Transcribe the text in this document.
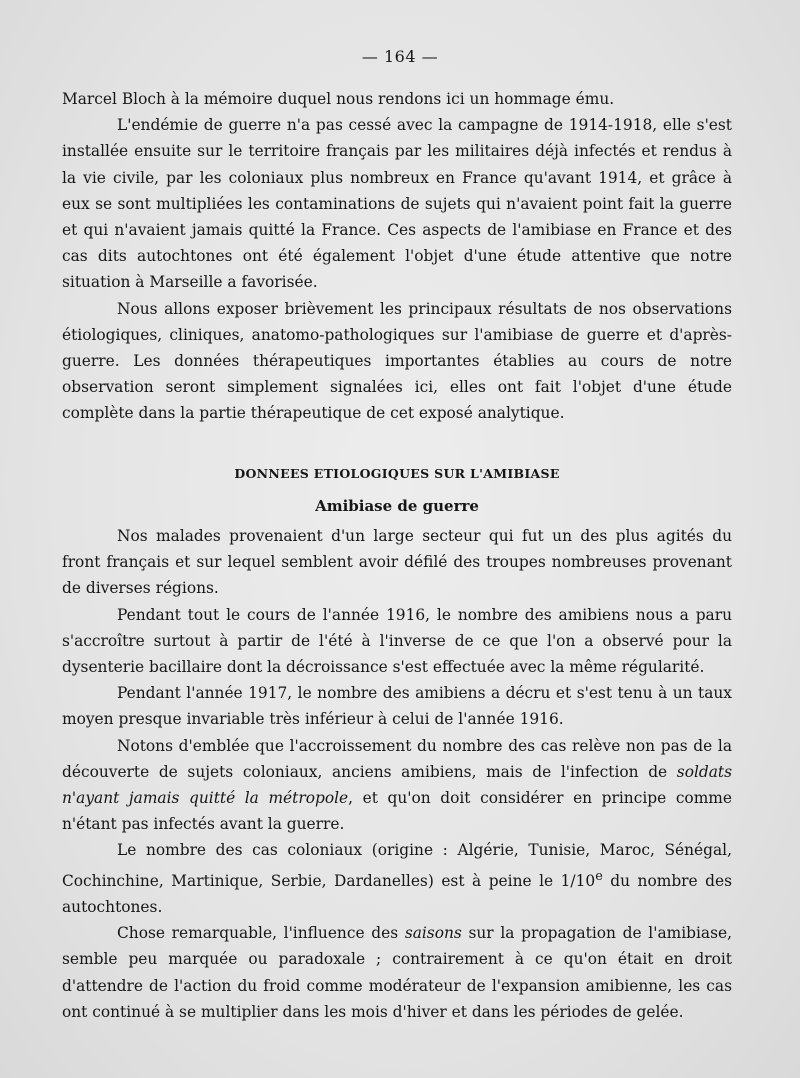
— 164 —

Marcel Bloch à la mémoire duquel nous rendons ici un hommage ému.

L'endémie de guerre n'a pas cessé avec la campagne de 1914-1918, elle s'est installée ensuite sur le territoire français par les militaires déjà infectés et rendus à la vie civile, par les coloniaux plus nombreux en France qu'avant 1914, et grâce à eux se sont multipliées les contaminations de sujets qui n'avaient point fait la guerre et qui n'avaient jamais quitté la France. Ces aspects de l'amibiase en France et des cas dits autochtones ont été également l'objet d'une étude attentive que notre situation à Marseille a favorisée.

Nous allons exposer brièvement les principaux résultats de nos observations étiologiques, cliniques, anatomo-pathologiques sur l'amibiase de guerre et d'après-guerre. Les données thérapeutiques importantes établies au cours de notre observation seront simplement signalées ici, elles ont fait l'objet d'une étude complète dans la partie thérapeutique de cet exposé analytique.

DONNEES ETIOLOGIQUES SUR L'AMIBIASE

Amibiase de guerre

Nos malades provenaient d'un large secteur qui fut un des plus agités du front français et sur lequel semblent avoir défilé des troupes nombreuses provenant de diverses régions.

Pendant tout le cours de l'année 1916, le nombre des amibiens nous a paru s'accroître surtout à partir de l'été à l'inverse de ce que l'on a observé pour la dysenterie bacillaire dont la décroissance s'est effectuée avec la même régularité.

Pendant l'année 1917, le nombre des amibiens a décru et s'est tenu à un taux moyen presque invariable très inférieur à celui de l'année 1916.

Notons d'emblée que l'accroissement du nombre des cas relève non pas de la découverte de sujets coloniaux, anciens amibiens, mais de l'infection de soldats n'ayant jamais quitté la métropole, et qu'on doit considérer en principe comme n'étant pas infectés avant la guerre.

Le nombre des cas coloniaux (origine : Algérie, Tunisie, Maroc, Sénégal, Cochinchine, Martinique, Serbie, Dardanelles) est à peine le 1/10e du nombre des autochtones.

Chose remarquable, l'influence des saisons sur la propagation de l'amibiase, semble peu marquée ou paradoxale ; contrairement à ce qu'on était en droit d'attendre de l'action du froid comme modérateur de l'expansion amibienne, les cas ont continué à se multiplier dans les mois d'hiver et dans les périodes de gelée.
